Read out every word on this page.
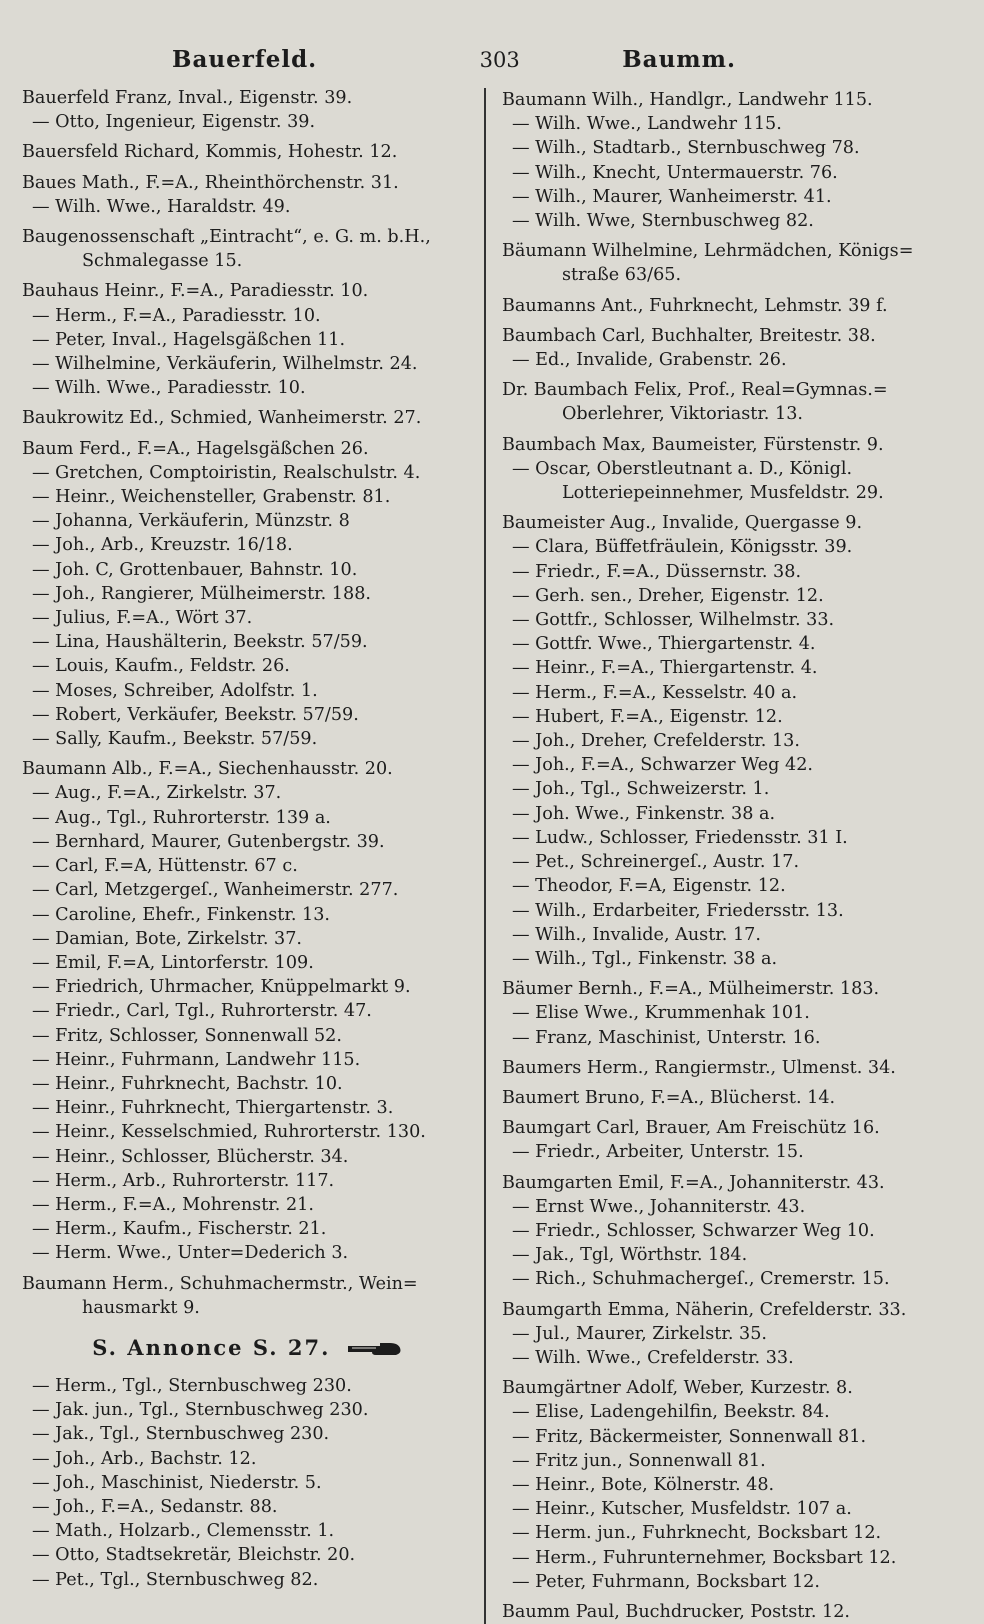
Bauerfeld.	303	Baumm.
Bauerfeld Franz, Inval., Eigenstr. 39.
— Otto, Ingenieur, Eigenstr. 39.
Bauersfeld Richard, Kommis, Hohestr. 12.
Baues Math., F.=A., Rheinthörchenstr. 31.
— Wilh. Wwe., Haraldstr. 49.
Baugenossenschaft „Eintracht“, e. G. m. b.H.,
Schmalegasse 15.
Bauhaus Heinr., F.=A., Paradiesstr. 10.
— Herm., F.=A., Paradiesstr. 10.
— Peter, Inval., Hagelsgäßchen 11.
— Wilhelmine, Verkäuferin, Wilhelmstr. 24.
— Wilh. Wwe., Paradiesstr. 10.
Baukrowitz Ed., Schmied, Wanheimerstr. 27.
Baum Ferd., F.=A., Hagelsgäßchen 26.
— Gretchen, Comptoiristin, Realschulstr. 4.
— Heinr., Weichensteller, Grabenstr. 81.
— Johanna, Verkäuferin, Münzstr. 8
— Joh., Arb., Kreuzstr. 16/18.
— Joh. C, Grottenbauer, Bahnstr. 10.
— Joh., Rangierer, Mülheimerstr. 188.
— Julius, F.=A., Wört 37.
— Lina, Haushälterin, Beekstr. 57/59.
— Louis, Kaufm., Feldstr. 26.
— Moses, Schreiber, Adolfstr. 1.
— Robert, Verkäufer, Beekstr. 57/59.
— Sally, Kaufm., Beekstr. 57/59.
Baumann Alb., F.=A., Siechenhausstr. 20.
— Aug., F.=A., Zirkelstr. 37.
— Aug., Tgl., Ruhrorterstr. 139 a.
— Bernhard, Maurer, Gutenbergstr. 39.
— Carl, F.=A, Hüttenstr. 67 c.
— Carl, Metzgergeſ., Wanheimerstr. 277.
— Caroline, Ehefr., Finkenstr. 13.
— Damian, Bote, Zirkelstr. 37.
— Emil, F.=A, Lintorferstr. 109.
— Friedrich, Uhrmacher, Knüppelmarkt 9.
— Friedr., Carl, Tgl., Ruhrorterstr. 47.
— Fritz, Schlosser, Sonnenwall 52.
— Heinr., Fuhrmann, Landwehr 115.
— Heinr., Fuhrknecht, Bachstr. 10.
— Heinr., Fuhrknecht, Thiergartenstr. 3.
— Heinr., Kesselschmied, Ruhrorterstr. 130.
— Heinr., Schlosser, Blücherstr. 34.
— Herm., Arb., Ruhrorterstr. 117.
— Herm., F.=A., Mohrenstr. 21.
— Herm., Kaufm., Fischerstr. 21.
— Herm. Wwe., Unter=Dederich 3.
Baumann Herm., Schuhmachermstr., Wein=
hausmarkt 9.
S. Annonce S. 27.
— Herm., Tgl., Sternbuschweg 230.
— Jak. jun., Tgl., Sternbuschweg 230.
— Jak., Tgl., Sternbuschweg 230.
— Joh., Arb., Bachstr. 12.
— Joh., Maschinist, Niederstr. 5.
— Joh., F.=A., Sedanstr. 88.
— Math., Holzarb., Clemensstr. 1.
— Otto, Stadtsekretär, Bleichstr. 20.
— Pet., Tgl., Sternbuschweg 82.
Baumann Wilh., Handlgr., Landwehr 115.
— Wilh. Wwe., Landwehr 115.
— Wilh., Stadtarb., Sternbuschweg 78.
— Wilh., Knecht, Untermauerstr. 76.
— Wilh., Maurer, Wanheimerstr. 41.
— Wilh. Wwe, Sternbuschweg 82.
Bäumann Wilhelmine, Lehrmädchen, Königs=
straße 63/65.
Baumanns Ant., Fuhrknecht, Lehmstr. 39 f.
Baumbach Carl, Buchhalter, Breitestr. 38.
— Ed., Invalide, Grabenstr. 26.
Dr. Baumbach Felix, Prof., Real=Gymnas.=
Oberlehrer, Viktoriastr. 13.
Baumbach Max, Baumeister, Fürstenstr. 9.
— Oscar, Oberstleutnant a. D., Königl.
Lotteriepeinnehmer, Musfeldstr. 29.
Baumeister Aug., Invalide, Quergasse 9.
— Clara, Büffetfräulein, Königsstr. 39.
— Friedr., F.=A., Düssernstr. 38.
— Gerh. sen., Dreher, Eigenstr. 12.
— Gottfr., Schlosser, Wilhelmstr. 33.
— Gottfr. Wwe., Thiergartenstr. 4.
— Heinr., F.=A., Thiergartenstr. 4.
— Herm., F.=A., Kesselstr. 40 a.
— Hubert, F.=A., Eigenstr. 12.
— Joh., Dreher, Crefelderstr. 13.
— Joh., F.=A., Schwarzer Weg 42.
— Joh., Tgl., Schweizerstr. 1.
— Joh. Wwe., Finkenstr. 38 a.
— Ludw., Schlosser, Friedensstr. 31 I.
— Pet., Schreinergeſ., Austr. 17.
— Theodor, F.=A, Eigenstr. 12.
— Wilh., Erdarbeiter, Friedersstr. 13.
— Wilh., Invalide, Austr. 17.
— Wilh., Tgl., Finkenstr. 38 a.
Bäumer Bernh., F.=A., Mülheimerstr. 183.
— Elise Wwe., Krummenhak 101.
— Franz, Maschinist, Unterstr. 16.
Baumers Herm., Rangiermstr., Ulmenst. 34.
Baumert Bruno, F.=A., Blücherst. 14.
Baumgart Carl, Brauer, Am Freischütz 16.
— Friedr., Arbeiter, Unterstr. 15.
Baumgarten Emil, F.=A., Johanniterstr. 43.
— Ernst Wwe., Johanniterstr. 43.
— Friedr., Schlosser, Schwarzer Weg 10.
— Jak., Tgl, Wörthstr. 184.
— Rich., Schuhmachergeſ., Cremerstr. 15.
Baumgarth Emma, Näherin, Crefelderstr. 33.
— Jul., Maurer, Zirkelstr. 35.
— Wilh. Wwe., Crefelderstr. 33.
Baumgärtner Adolf, Weber, Kurzestr. 8.
— Elise, Ladengehilfin, Beekstr. 84.
— Fritz, Bäckermeister, Sonnenwall 81.
— Fritz jun., Sonnenwall 81.
— Heinr., Bote, Kölnerstr. 48.
— Heinr., Kutscher, Musfeldstr. 107 a.
— Herm. jun., Fuhrknecht, Bocksbart 12.
— Herm., Fuhrunternehmer, Bocksbart 12.
— Peter, Fuhrmann, Bocksbart 12.
Baumm Paul, Buchdrucker, Poststr. 12.
